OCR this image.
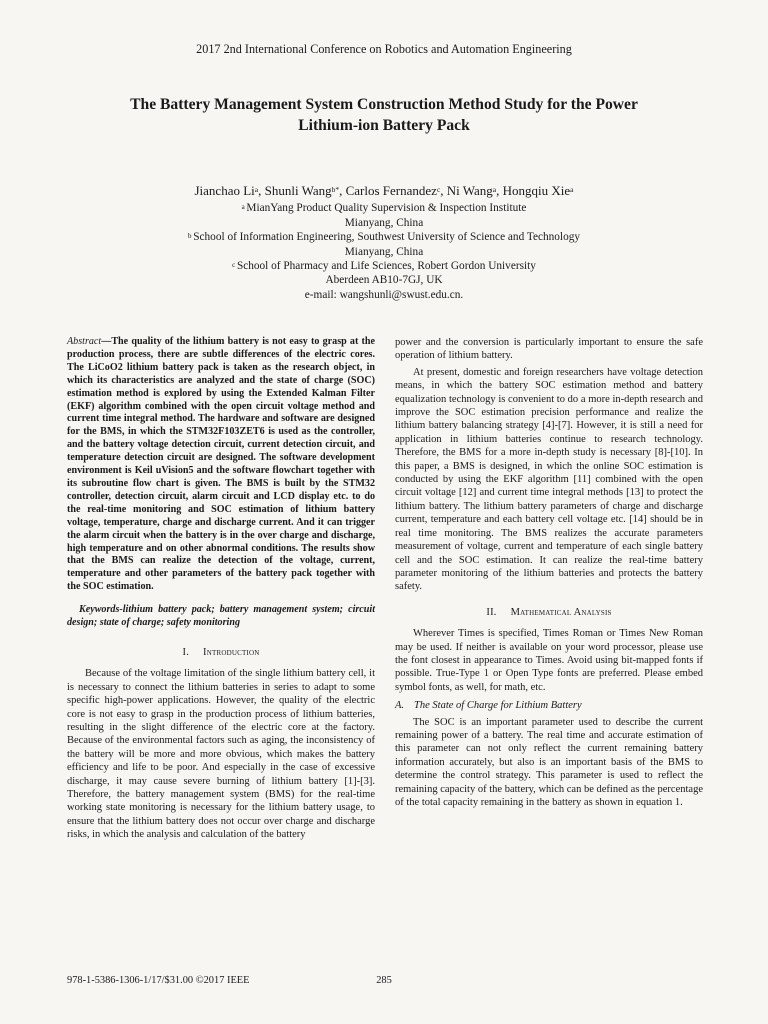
2017 2nd International Conference on Robotics and Automation Engineering
The Battery Management System Construction Method Study for the Power
Lithium-ion Battery Pack
Jianchao Li$^a$, Shunli Wang$^{b*}$, Carlos Fernandez$^c$, Ni Wang$^a$, Hongqiu Xie$^a$
$^a$ MianYang Product Quality Supervision & Inspection Institute
Mianyang, China
$^b$ School of Information Engineering, Southwest University of Science and Technology
Mianyang, China
$^c$ School of Pharmacy and Life Sciences, Robert Gordon University
Aberdeen AB10-7GJ, UK
e-mail: wangshunli@swust.edu.cn.

Abstract—The quality of the lithium battery is not easy to grasp at the production process, there are subtle differences of the electric cores. The LiCoO2 lithium battery pack is taken as the research object, in which its characteristics are analyzed and the state of charge (SOC) estimation method is explored by using the Extended Kalman Filter (EKF) algorithm combined with the open circuit voltage method and current time integral method. The hardware and software are designed for the BMS, in which the STM32F103ZET6 is used as the controller, and the battery voltage detection circuit, current detection circuit, and temperature detection circuit are designed. The software development environment is Keil uVision5 and the software flowchart together with its subroutine flow chart is given. The BMS is built by the STM32 controller, detection circuit, alarm circuit and LCD display etc. to do the real-time monitoring and SOC estimation of lithium battery voltage, temperature, charge and discharge current. And it can trigger the alarm circuit when the battery is in the over charge and discharge, high temperature and on other abnormal conditions. The results show that the BMS can realize the detection of the voltage, current, temperature and other parameters of the battery pack together with the SOC estimation.

Keywords-lithium battery pack; battery management system; circuit design; state of charge; safety monitoring

I. Introduction

Because of the voltage limitation of the single lithium battery cell, it is necessary to connect the lithium batteries in series to adapt to some specific high-power applications. However, the quality of the electric core is not easy to grasp in the production process of lithium batteries, resulting in the slight difference of the electric core at the factory. Because of the environmental factors such as aging, the inconsistency of the battery will be more and more obvious, which makes the battery efficiency and life to be poor. And especially in the case of excessive discharge, it may cause severe burning of lithium battery [1]-[3]. Therefore, the battery management system (BMS) for the real-time working state monitoring is necessary for the lithium battery usage, to ensure that the lithium battery does not occur over charge and discharge risks, in which the analysis and calculation of the battery

power and the conversion is particularly important to ensure the safe operation of lithium battery.

At present, domestic and foreign researchers have voltage detection means, in which the battery SOC estimation method and battery equalization technology is convenient to do a more in-depth research and improve the SOC estimation precision performance and realize the lithium battery balancing strategy [4]-[7]. However, it is still a need for application in lithium batteries continue to research technology. Therefore, the BMS for a more in-depth study is necessary [8]-[10]. In this paper, a BMS is designed, in which the online SOC estimation is conducted by using the EKF algorithm [11] combined with the open circuit voltage [12] and current time integral methods [13] to protect the lithium battery. The lithium battery parameters of charge and discharge current, temperature and each battery cell voltage etc. [14] should be in real time monitoring. The BMS realizes the accurate parameters measurement of voltage, current and temperature of each single battery cell and the SOC estimation. It can realize the real-time battery parameter monitoring of the lithium batteries and protects the battery safety.

II. Mathematical Analysis

Wherever Times is specified, Times Roman or Times New Roman may be used. If neither is available on your word processor, please use the font closest in appearance to Times. Avoid using bit-mapped fonts if possible. True-Type 1 or Open Type fonts are preferred. Please embed symbol fonts, as well, for math, etc.

A. The State of Charge for Lithium Battery

The SOC is an important parameter used to describe the current remaining power of a battery. The real time and accurate estimation of this parameter can not only reflect the current remaining battery information accurately, but also is an important basis of the BMS to determine the control strategy. This parameter is used to reflect the remaining capacity of the battery, which can be defined as the percentage of the total capacity remaining in the battery as shown in equation 1.

978-1-5386-1306-1/17/$31.00 ©2017 IEEE	285
